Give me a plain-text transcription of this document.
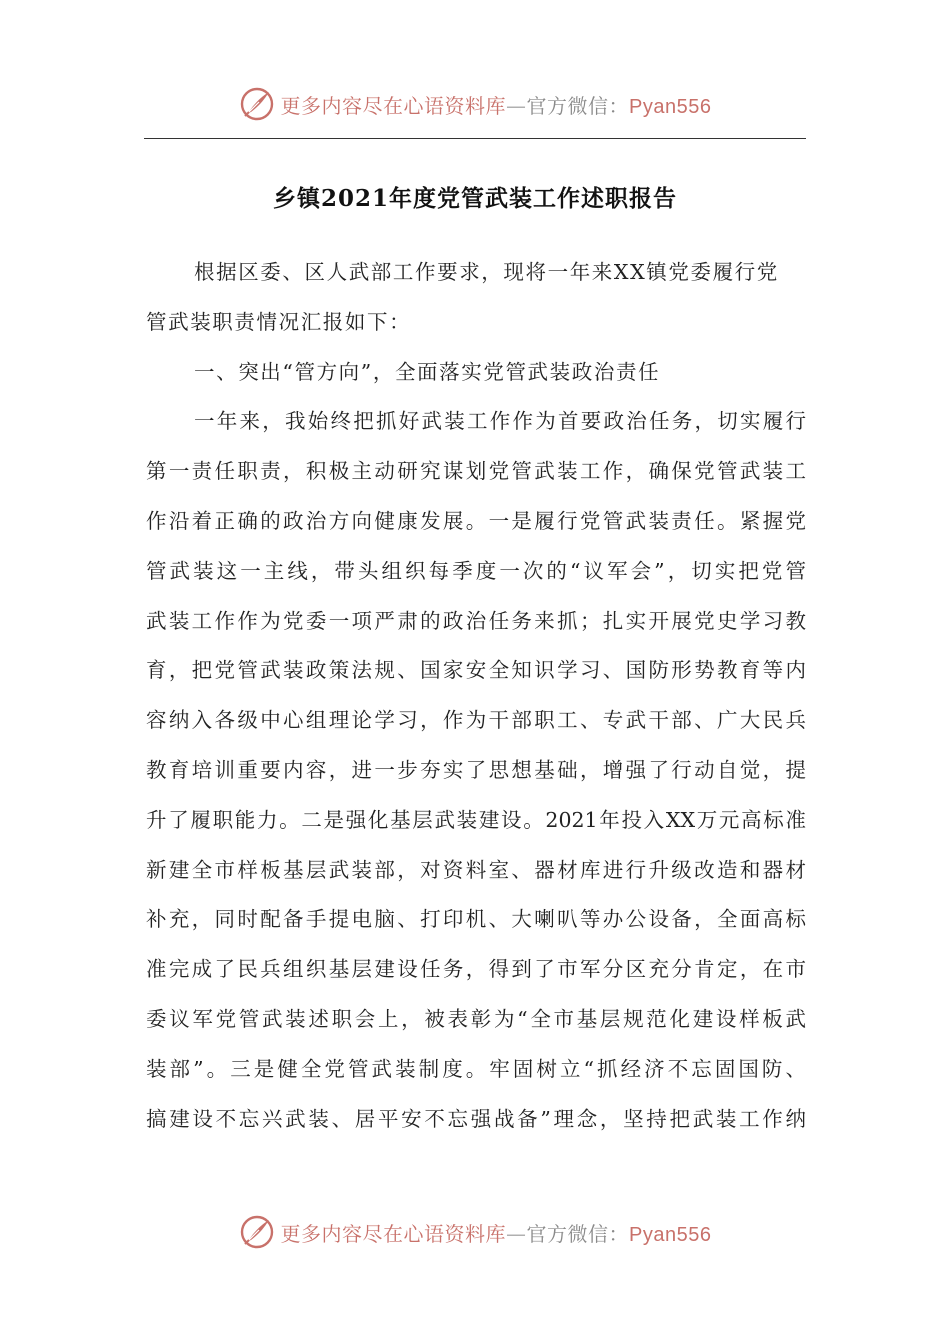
更多内容尽在心语资料库—官方微信：Pyan556
乡镇2021年度党管武装工作述职报告
根据区委、区人武部工作要求，现将一年来XX镇党委履行党
管武装职责情况汇报如下：
一、突出“管方向”，全面落实党管武装政治责任
一年来，我始终把抓好武装工作作为首要政治任务，切实履行
第一责任职责，积极主动研究谋划党管武装工作，确保党管武装工
作沿着正确的政治方向健康发展。一是履行党管武装责任。紧握党
管武装这一主线，带头组织每季度一次的“议军会”，切实把党管
武装工作作为党委一项严肃的政治任务来抓；扎实开展党史学习教
育，把党管武装政策法规、国家安全知识学习、国防形势教育等内
容纳入各级中心组理论学习，作为干部职工、专武干部、广大民兵
教育培训重要内容，进一步夯实了思想基础，增强了行动自觉，提
升了履职能力。二是强化基层武装建设。2021年投入XX万元高标准
新建全市样板基层武装部，对资料室、器材库进行升级改造和器材
补充，同时配备手提电脑、打印机、大喇叭等办公设备，全面高标
准完成了民兵组织基层建设任务，得到了市军分区充分肯定，在市
委议军党管武装述职会上，被表彰为“全市基层规范化建设样板武
装部”。三是健全党管武装制度。牢固树立“抓经济不忘固国防、
搞建设不忘兴武装、居平安不忘强战备”理念，坚持把武装工作纳
更多内容尽在心语资料库—官方微信：Pyan556
